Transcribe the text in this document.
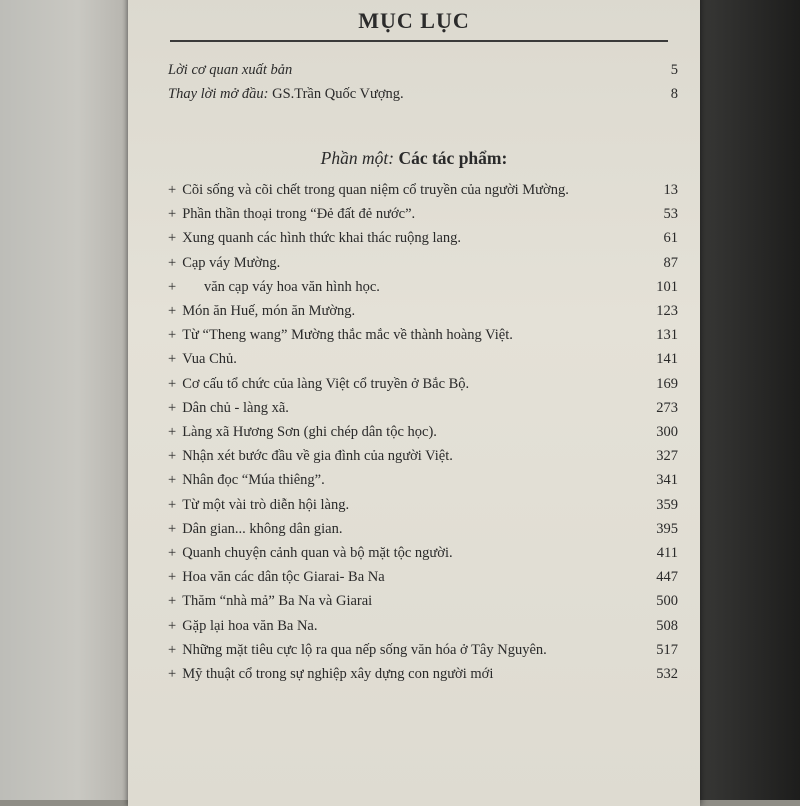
MỤC LỤC
Lời cơ quan xuất bản	5
Thay lời mở đầu: GS.Trần Quốc Vượng.	8
Phần một: Các tác phẩm:
+ Cõi sống và cõi chết trong quan niệm cổ truyền của người Mường.	13
+ Phần thần thoại trong “Đẻ đất đẻ nước”.	53
+ Xung quanh các hình thức khai thác ruộng lang.	61
+ Cạp váy Mường.	87
+      văn cạp váy hoa văn hình học.	101
+ Món ăn Huế, món ăn Mường.	123
+ Từ “Theng wang” Mường thắc mắc về thành hoàng Việt.	131
+ Vua Chủ.	141
+ Cơ cấu tổ chức của làng Việt cổ truyền ở Bắc Bộ.	169
+ Dân chủ - làng xã.	273
+ Làng xã Hương Sơn (ghi chép dân tộc học).	300
+ Nhận xét bước đầu về gia đình của người Việt.	327
+ Nhân đọc “Múa thiêng”.	341
+ Từ một vài trò diễn hội làng.	359
+ Dân gian... không dân gian.	395
+ Quanh chuyện cảnh quan và bộ mặt tộc người.	411
+ Hoa văn các dân tộc Giarai- Ba Na	447
+ Thăm “nhà mả” Ba Na và Giarai	500
+ Gặp lại hoa văn Ba Na.	508
+ Những mặt tiêu cực lộ ra qua nếp sống văn hóa ở Tây Nguyên.	517
+ Mỹ thuật cổ trong sự nghiệp xây dựng con người mới	532
